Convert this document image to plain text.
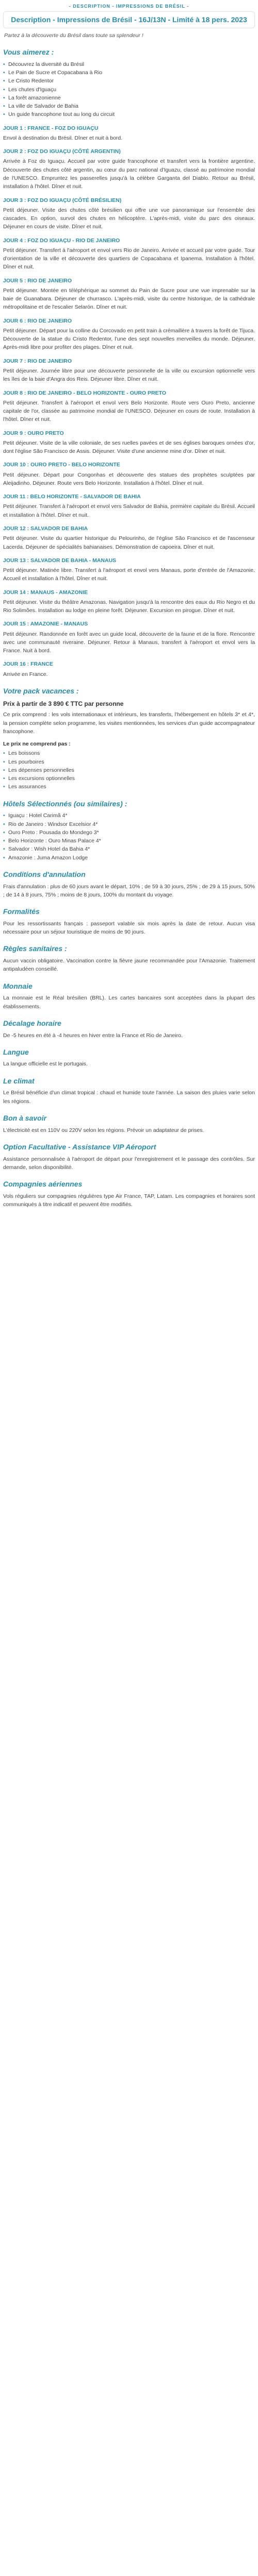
- DESCRIPTION - IMPRESSIONS DE BRÉSIL -
Description - Impressions de Brésil - 16J/13N - Limité à 18 pers. 2023

Partez à la découverte du Brésil dans toute sa splendeur !

Vous aimerez :
• Découvrez la diversité du Brésil
• Le Pain de Sucre et Copacabana à Rio
• Le Cristo Redentor
• Les chutes d'Iguaçu
• La forêt amazonienne
• La ville de Salvador de Bahia
• Un guide francophone tout au long du circuit
JOUR 1 : FRANCE - FOZ DO IGUAÇU

Envol à destination du Brésil. Dîner et nuit à bord.

JOUR 2 : FOZ DO IGUAÇU (CÔTÉ ARGENTIN)

Arrivée à Foz do Iguaçu. Accueil par votre guide francophone et transfert vers la frontière argentine. Découverte des chutes côté argentin, au cœur du parc national d'Iguazu, classé au patrimoine mondial de l'UNESCO. Empruntez les passerelles jusqu'à la célèbre Garganta del Diablo. Retour au Brésil, installation à l'hôtel. Dîner et nuit.

JOUR 3 : FOZ DO IGUAÇU (CÔTÉ BRÉSILIEN)

Petit déjeuner. Visite des chutes côté brésilien qui offre une vue panoramique sur l'ensemble des cascades. En option, survol des chutes en hélicoptère. L'après-midi, visite du parc des oiseaux. Déjeuner en cours de visite. Dîner et nuit.

JOUR 4 : FOZ DO IGUAÇU - RIO DE JANEIRO

Petit déjeuner. Transfert à l'aéroport et envol vers Rio de Janeiro. Arrivée et accueil par votre guide. Tour d'orientation de la ville et découverte des quartiers de Copacabana et Ipanema. Installation à l'hôtel. Dîner et nuit.

JOUR 5 : RIO DE JANEIRO

Petit déjeuner. Montée en téléphérique au sommet du Pain de Sucre pour une vue imprenable sur la baie de Guanabara. Déjeuner de churrasco. L'après-midi, visite du centre historique, de la cathédrale métropolitaine et de l'escalier Selarón. Dîner et nuit.

JOUR 6 : RIO DE JANEIRO

Petit déjeuner. Départ pour la colline du Corcovado en petit train à crémaillère à travers la forêt de Tijuca. Découverte de la statue du Cristo Redentor, l'une des sept nouvelles merveilles du monde. Déjeuner. Après-midi libre pour profiter des plages. Dîner et nuit.

JOUR 7 : RIO DE JANEIRO

Petit déjeuner. Journée libre pour une découverte personnelle de la ville ou excursion optionnelle vers les îles de la baie d'Angra dos Reis. Déjeuner libre. Dîner et nuit.

JOUR 8 : RIO DE JANEIRO - BELO HORIZONTE - OURO PRETO

Petit déjeuner. Transfert à l'aéroport et envol vers Belo Horizonte. Route vers Ouro Preto, ancienne capitale de l'or, classée au patrimoine mondial de l'UNESCO. Déjeuner en cours de route. Installation à l'hôtel. Dîner et nuit.

JOUR 9 : OURO PRETO

Petit déjeuner. Visite de la ville coloniale, de ses ruelles pavées et de ses églises baroques ornées d'or, dont l'église São Francisco de Assis. Déjeuner. Visite d'une ancienne mine d'or. Dîner et nuit.

JOUR 10 : OURO PRETO - BELO HORIZONTE

Petit déjeuner. Départ pour Congonhas et découverte des statues des prophètes sculptées par Aleijadinho. Déjeuner. Route vers Belo Horizonte. Installation à l'hôtel. Dîner et nuit.

JOUR 11 : BELO HORIZONTE - SALVADOR DE BAHIA

Petit déjeuner. Transfert à l'aéroport et envol vers Salvador de Bahia, première capitale du Brésil. Accueil et installation à l'hôtel. Dîner et nuit.

JOUR 12 : SALVADOR DE BAHIA

Petit déjeuner. Visite du quartier historique du Pelourinho, de l'église São Francisco et de l'ascenseur Lacerda. Déjeuner de spécialités bahianaises. Démonstration de capoeira. Dîner et nuit.

JOUR 13 : SALVADOR DE BAHIA - MANAUS

Petit déjeuner. Matinée libre. Transfert à l'aéroport et envol vers Manaus, porte d'entrée de l'Amazonie. Accueil et installation à l'hôtel. Dîner et nuit.

JOUR 14 : MANAUS - AMAZONIE

Petit déjeuner. Visite du théâtre Amazonas. Navigation jusqu'à la rencontre des eaux du Rio Negro et du Rio Solimões. Installation au lodge en pleine forêt. Déjeuner. Excursion en pirogue. Dîner et nuit.

JOUR 15 : AMAZONIE - MANAUS

Petit déjeuner. Randonnée en forêt avec un guide local, découverte de la faune et de la flore. Rencontre avec une communauté riveraine. Déjeuner. Retour à Manaus, transfert à l'aéroport et envol vers la France. Nuit à bord.

JOUR 16 : FRANCE

Arrivée en France.

Votre pack vacances :
Prix à partir de 3 890 € TTC par personne

Ce prix comprend : les vols internationaux et intérieurs, les transferts, l'hébergement en hôtels 3* et 4*, la pension complète selon programme, les visites mentionnées, les services d'un guide accompagnateur francophone.

Le prix ne comprend pas :
• Les boissons
• Les pourboires
• Les dépenses personnelles
• Les excursions optionnelles
• Les assurances
Hôtels Sélectionnés (ou similaires) :
• Iguaçu : Hotel Carimã 4*
• Rio de Janeiro : Windsor Excelsior 4*
• Ouro Preto : Pousada do Mondego 3*
• Belo Horizonte : Ouro Minas Palace 4*
• Salvador : Wish Hotel da Bahia 4*
• Amazonie : Juma Amazon Lodge
Conditions d'annulation

Frais d'annulation : plus de 60 jours avant le départ, 10% ; de 59 à 30 jours, 25% ; de 29 à 15 jours, 50% ; de 14 à 8 jours, 75% ; moins de 8 jours, 100% du montant du voyage.

Formalités

Pour les ressortissants français : passeport valable six mois après la date de retour. Aucun visa nécessaire pour un séjour touristique de moins de 90 jours.

Règles sanitaires :

Aucun vaccin obligatoire. Vaccination contre la fièvre jaune recommandée pour l'Amazonie. Traitement antipaludéen conseillé.

Monnaie

La monnaie est le Réal brésilien (BRL). Les cartes bancaires sont acceptées dans la plupart des établissements.

Décalage horaire

De -5 heures en été à -4 heures en hiver entre la France et Rio de Janeiro.

Langue

La langue officielle est le portugais.

Le climat

Le Brésil bénéficie d'un climat tropical : chaud et humide toute l'année. La saison des pluies varie selon les régions.

Bon à savoir

L'électricité est en 110V ou 220V selon les régions. Prévoir un adaptateur de prises.

Option Facultative - Assistance VIP Aéroport

Assistance personnalisée à l'aéroport de départ pour l'enregistrement et le passage des contrôles. Sur demande, selon disponibilité.

Compagnies aériennes

Vols réguliers sur compagnies régulières type Air France, TAP, Latam. Les compagnies et horaires sont communiqués à titre indicatif et peuvent être modifiés.
